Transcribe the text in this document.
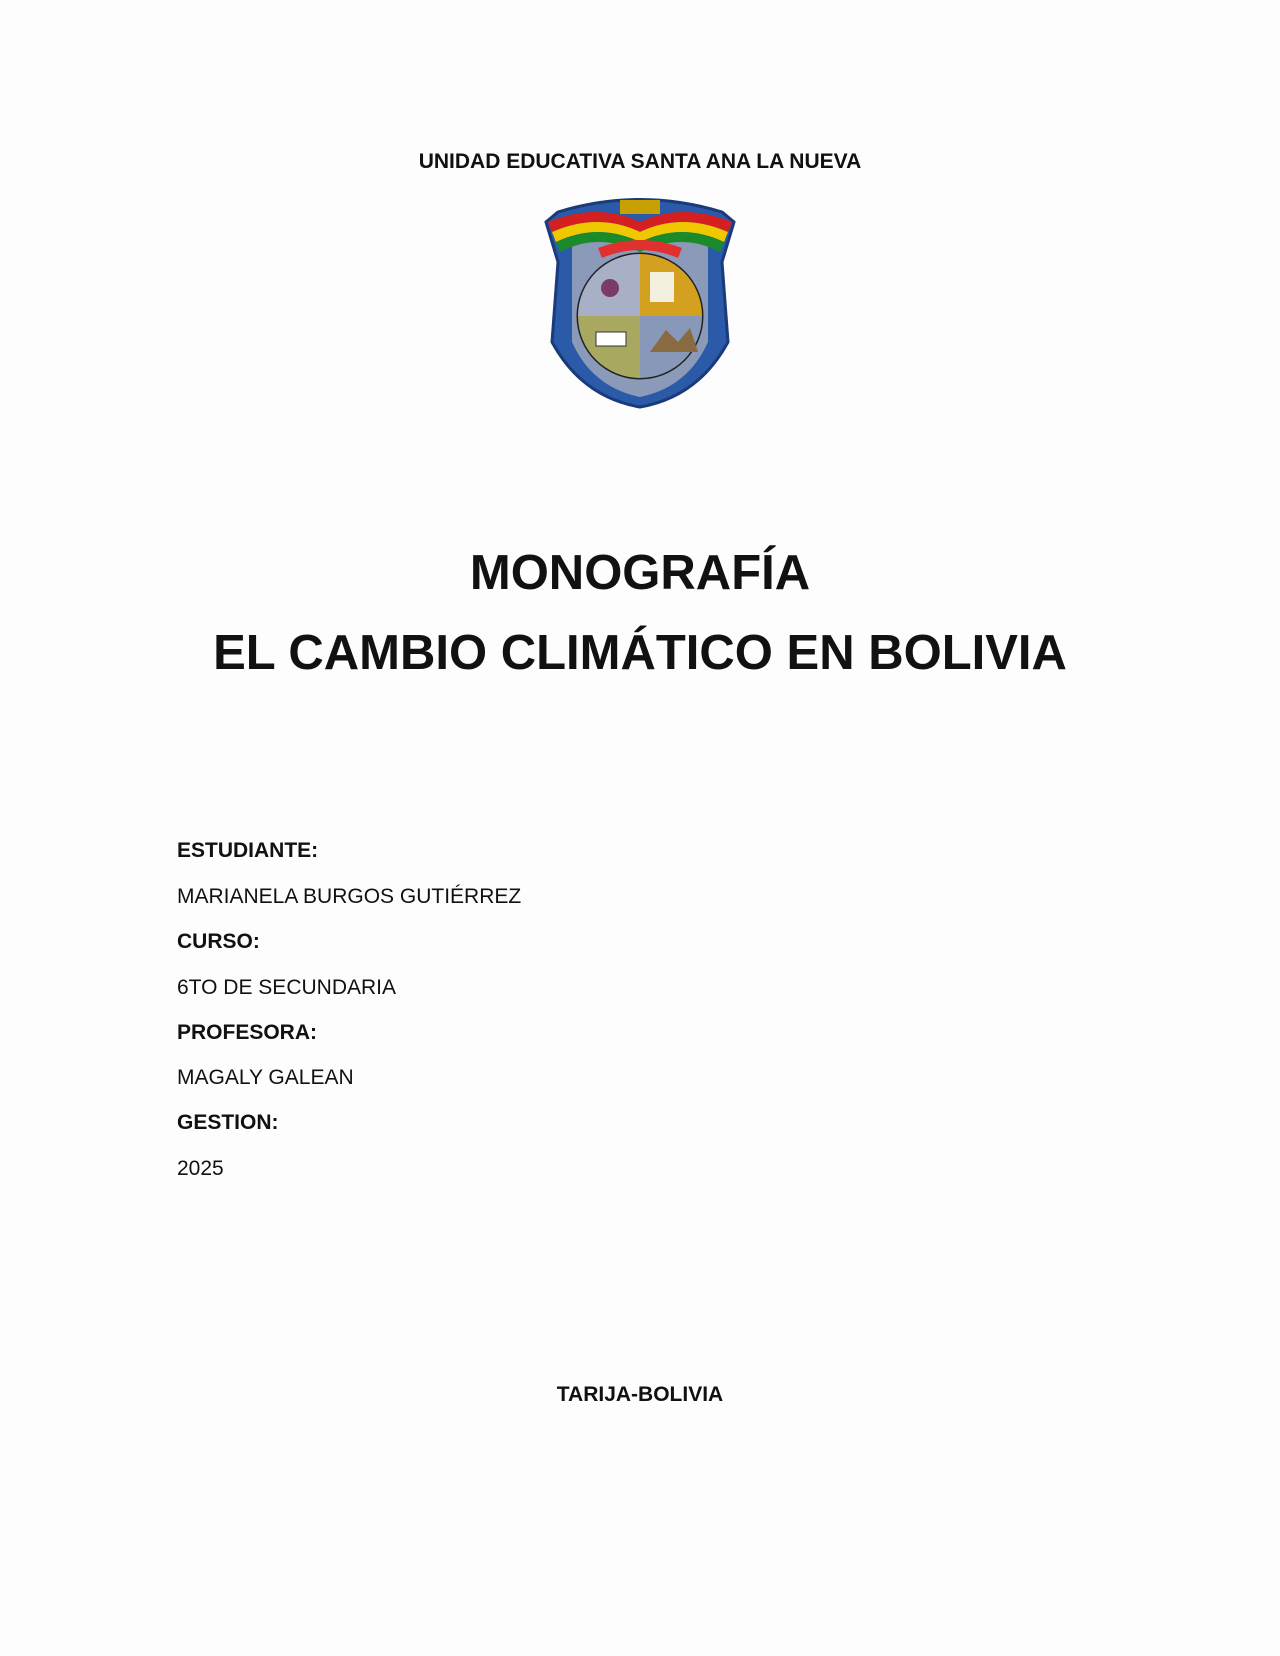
UNIDAD EDUCATIVA SANTA ANA LA NUEVA
MONOGRAFÍA
EL CAMBIO CLIMÁTICO EN BOLIVIA
ESTUDIANTE:
MARIANELA BURGOS GUTIÉRREZ
CURSO:
6TO DE SECUNDARIA
PROFESORA:
MAGALY GALEAN
GESTION:
2025
TARIJA-BOLIVIA
